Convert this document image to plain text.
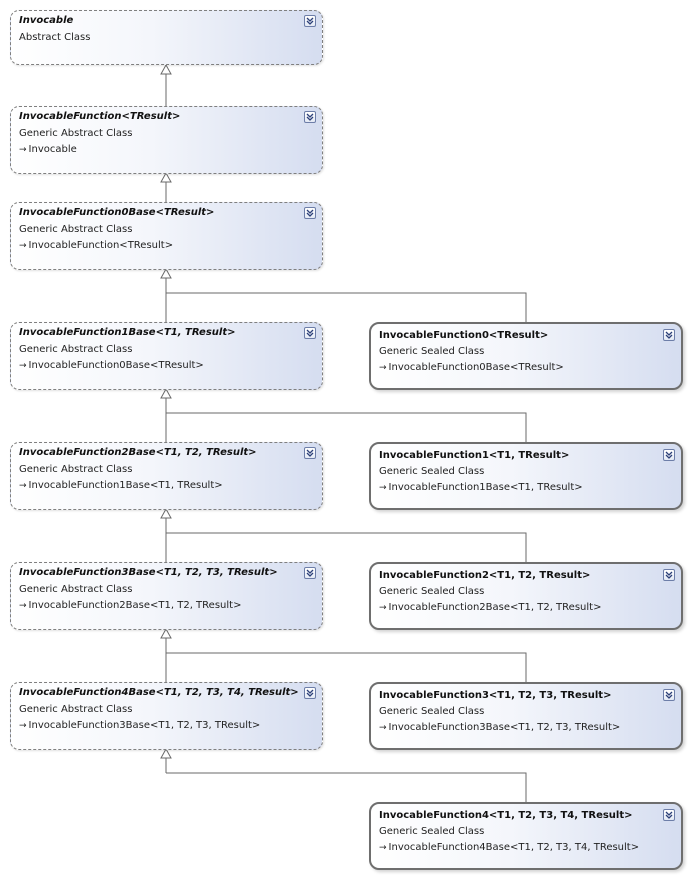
Invocable
Abstract Class
InvocableFunction<TResult>
Generic Abstract Class
→ Invocable
InvocableFunction0Base<TResult>
Generic Abstract Class
→ InvocableFunction<TResult>
InvocableFunction1Base<T1, TResult>
Generic Abstract Class
→ InvocableFunction0Base<TResult>
InvocableFunction0<TResult>
Generic Sealed Class
→ InvocableFunction0Base<TResult>
InvocableFunction2Base<T1, T2, TResult>
Generic Abstract Class
→ InvocableFunction1Base<T1, TResult>
InvocableFunction1<T1, TResult>
Generic Sealed Class
→ InvocableFunction1Base<T1, TResult>
InvocableFunction3Base<T1, T2, T3, TResult>
Generic Abstract Class
→ InvocableFunction2Base<T1, T2, TResult>
InvocableFunction2<T1, T2, TResult>
Generic Sealed Class
→ InvocableFunction2Base<T1, T2, TResult>
InvocableFunction4Base<T1, T2, T3, T4, TResult>
Generic Abstract Class
→ InvocableFunction3Base<T1, T2, T3, TResult>
InvocableFunction3<T1, T2, T3, TResult>
Generic Sealed Class
→ InvocableFunction3Base<T1, T2, T3, TResult>
InvocableFunction4<T1, T2, T3, T4, TResult>
Generic Sealed Class
→ InvocableFunction4Base<T1, T2, T3, T4, TResult>
